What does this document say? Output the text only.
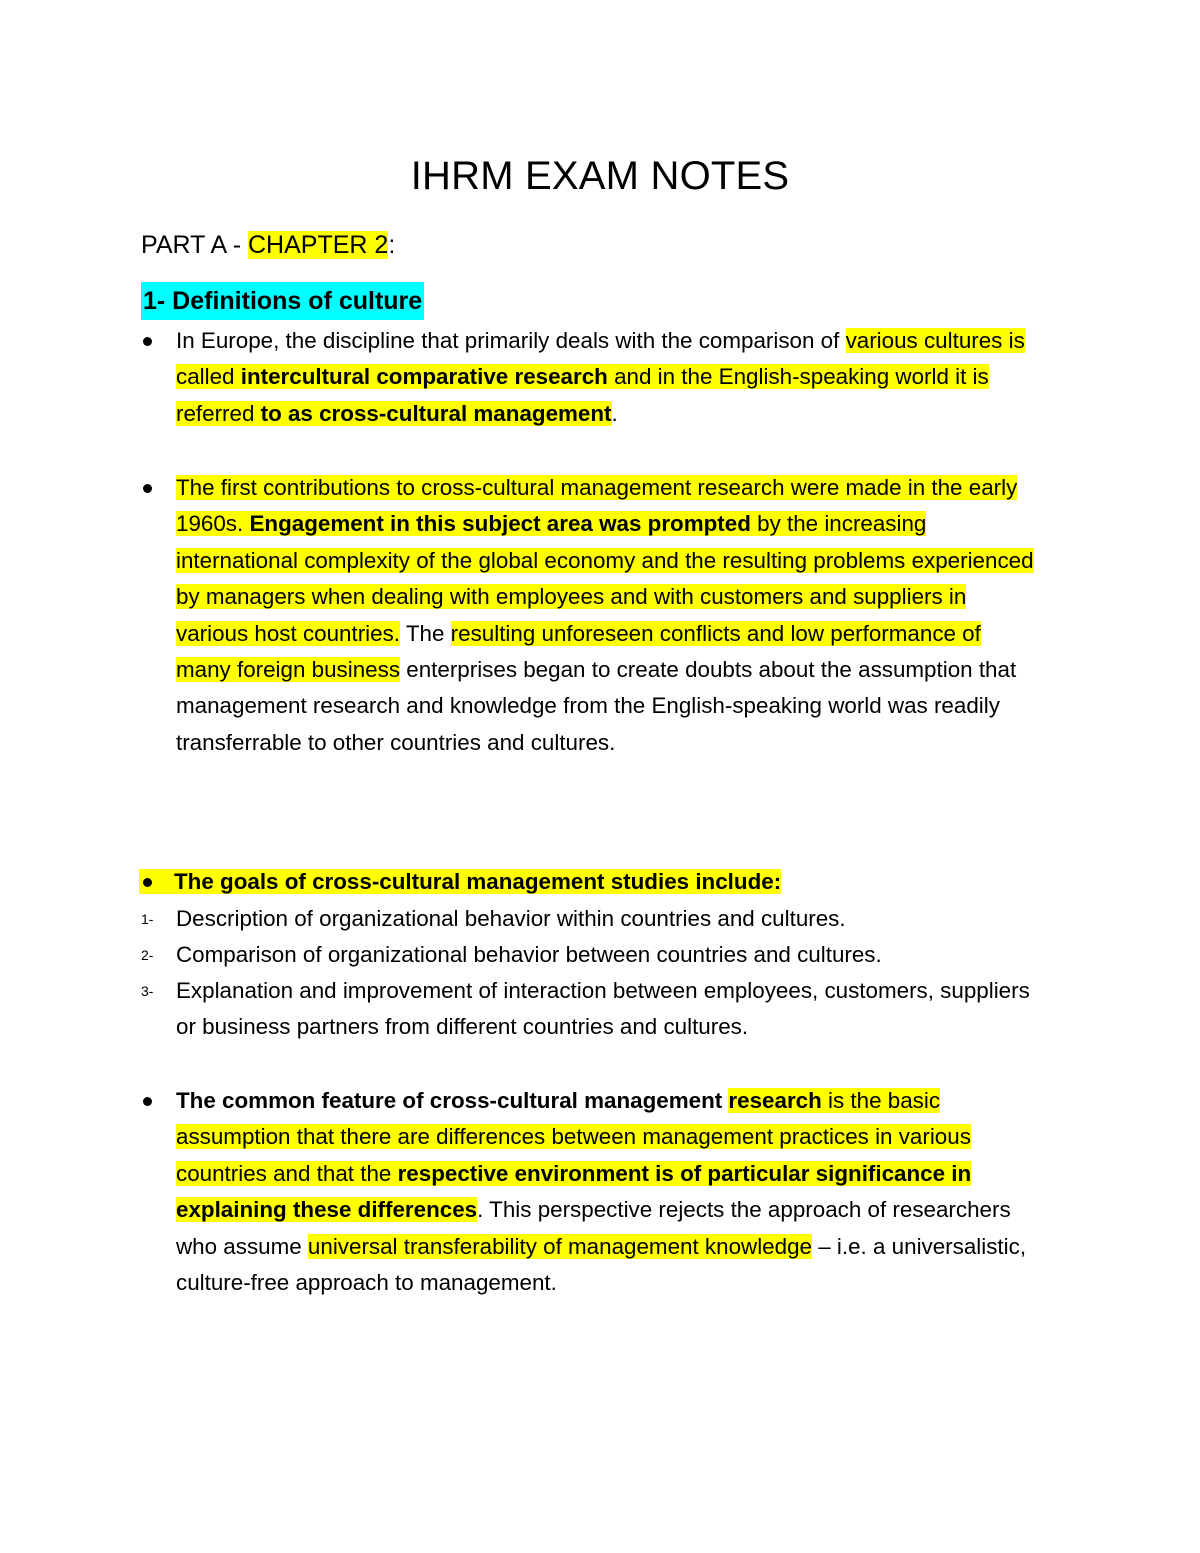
IHRM EXAM NOTES
PART A - CHAPTER 2:
1- Definitions of culture

In Europe, the discipline that primarily deals with the comparison of various cultures is called intercultural comparative research and in the English-speaking world it is referred to as cross-cultural management.

The first contributions to cross-cultural management research were made in the early 1960s. Engagement in this subject area was prompted by the increasing international complexity of the global economy and the resulting problems experienced by managers when dealing with employees and with customers and suppliers in various host countries. The resulting unforeseen conflicts and low performance of many foreign business enterprises began to create doubts about the assumption that management research and knowledge from the English-speaking world was readily transferrable to other countries and cultures.

The goals of cross-cultural management studies include:

1- Description of organizational behavior within countries and cultures.

2- Comparison of organizational behavior between countries and cultures.

3- Explanation and improvement of interaction between employees, customers, suppliers or business partners from different countries and cultures.

The common feature of cross-cultural management research is the basic assumption that there are differences between management practices in various countries and that the respective environment is of particular significance in explaining these differences. This perspective rejects the approach of researchers who assume universal transferability of management knowledge – i.e. a universalistic, culture-free approach to management.
